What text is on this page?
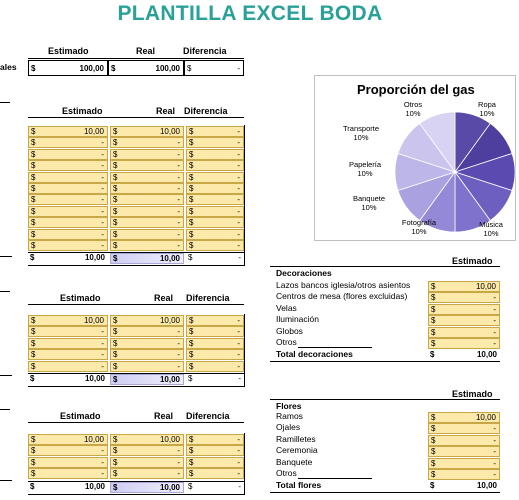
PLANTILLA EXCEL BODA
Estimado	Real	Diferencia
ales $	100,00 $	100,00 $	-
Estimado	Real Diferencia
$	10,00 $	10,00 $	-
$	- $	- $	-
$	- $	- $	-
$	- $	- $	-
$	- $	- $	-
$	- $	- $	-
$	- $	- $	-
$	- $	- $	-
$	- $	- $	-
$	- $	- $	-
$	- $	- $	-
$	10,00 $	10,00 $	-
Estimado	Real Diferencia
$	10,00 $	10,00 $	-
$	- $	- $	-
$	- $	- $	-
$	- $	- $	-
$	- $	- $	-
$	10,00 $	10,00 $	-
Estimado	Real Diferencia
$	10,00 $	10,00 $	-
$	- $	- $	-
$	- $	- $	-
$	- $	- $	-
$	10,00 $	10,00 $	-
Proporción del gas
Otros
10%
Ropa
10%
Música
10%
Fotografía
10%
Banquete
10%
Papelería
10%
Transporte
10%
Estimado
Decoraciones
Lazos bancos iglesia/otros asientos	$	10,00
Centros de mesa (flores excluidas)	$	-
Velas	$	-
Iluminación	$	-
Globos	$	-
Otros	$	-
Total decoraciones	$	10,00
Estimado
Flores
Ramos	$	10,00
Ojales	$	-
Ramilletes	$	-
Ceremonia	$	-
Banquete	$	-
Otros	$	-
Total flores	$	10,00
